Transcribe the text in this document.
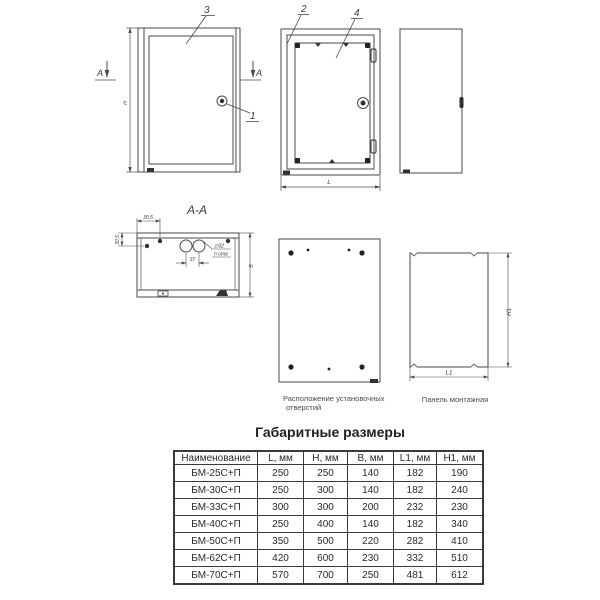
3
1
A	A
H
2	4
L
A-A
30,5
30,5
37
∅32
n отв
B
Расположение установочных
отверстий
H1
L1
Панель монтажная
Габаритные размеры
Наименование	L, мм	H, мм	B, мм	L1, мм	H1, мм
БМ-25С+П	250	250	140	182	190
БМ-30С+П	250	300	140	182	240
БМ-33С+П	300	300	200	232	230
БМ-40С+П	250	400	140	182	340
БМ-50С+П	350	500	220	282	410
БМ-62С+П	420	600	230	332	510
БМ-70С+П	570	700	250	481	612
